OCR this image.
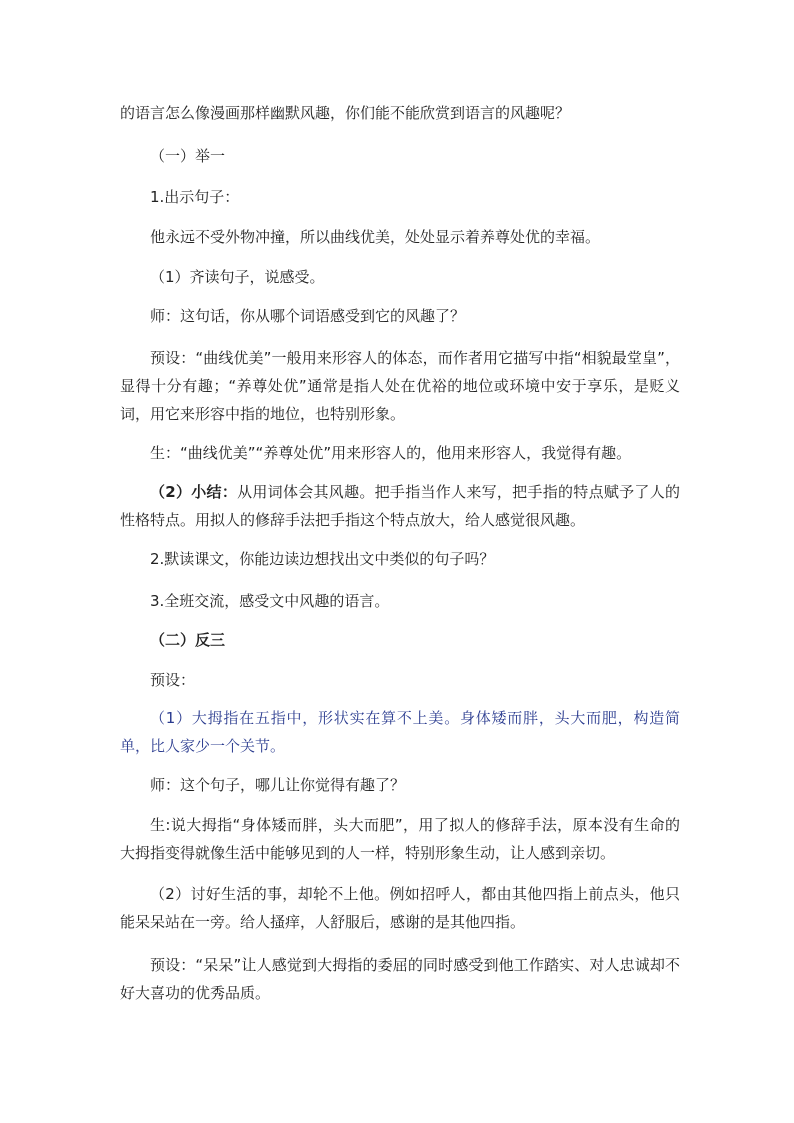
的语言怎么像漫画那样幽默风趣，你们能不能欣赏到语言的风趣呢？
（一）举一
1.出示句子：
他永远不受外物冲撞，所以曲线优美，处处显示着养尊处优的幸福。
（1）齐读句子，说感受。
师：这句话，你从哪个词语感受到它的风趣了？
预设：“曲线优美”一般用来形容人的体态，而作者用它描写中指“相貌最堂皇”，显得十分有趣；“养尊处优”通常是指人处在优裕的地位或环境中安于享乐，是贬义词，用它来形容中指的地位，也特别形象。
生：“曲线优美”“养尊处优”用来形容人的，他用来形容人，我觉得有趣。
（2）小结：从用词体会其风趣。把手指当作人来写，把手指的特点赋予了人的性格特点。用拟人的修辞手法把手指这个特点放大，给人感觉很风趣。
2.默读课文，你能边读边想找出文中类似的句子吗？
3.全班交流，感受文中风趣的语言。
（二）反三
预设：
（1）大拇指在五指中，形状实在算不上美。身体矮而胖，头大而肥，构造简单，比人家少一个关节。
师：这个句子，哪儿让你觉得有趣了？
生:说大拇指“身体矮而胖，头大而肥”，用了拟人的修辞手法，原本没有生命的大拇指变得就像生活中能够见到的人一样，特别形象生动，让人感到亲切。
（2）讨好生活的事，却轮不上他。例如招呼人，都由其他四指上前点头，他只能呆呆站在一旁。给人搔痒，人舒服后，感谢的是其他四指。
预设：“呆呆”让人感觉到大拇指的委屈的同时感受到他工作踏实、对人忠诚却不好大喜功的优秀品质。
